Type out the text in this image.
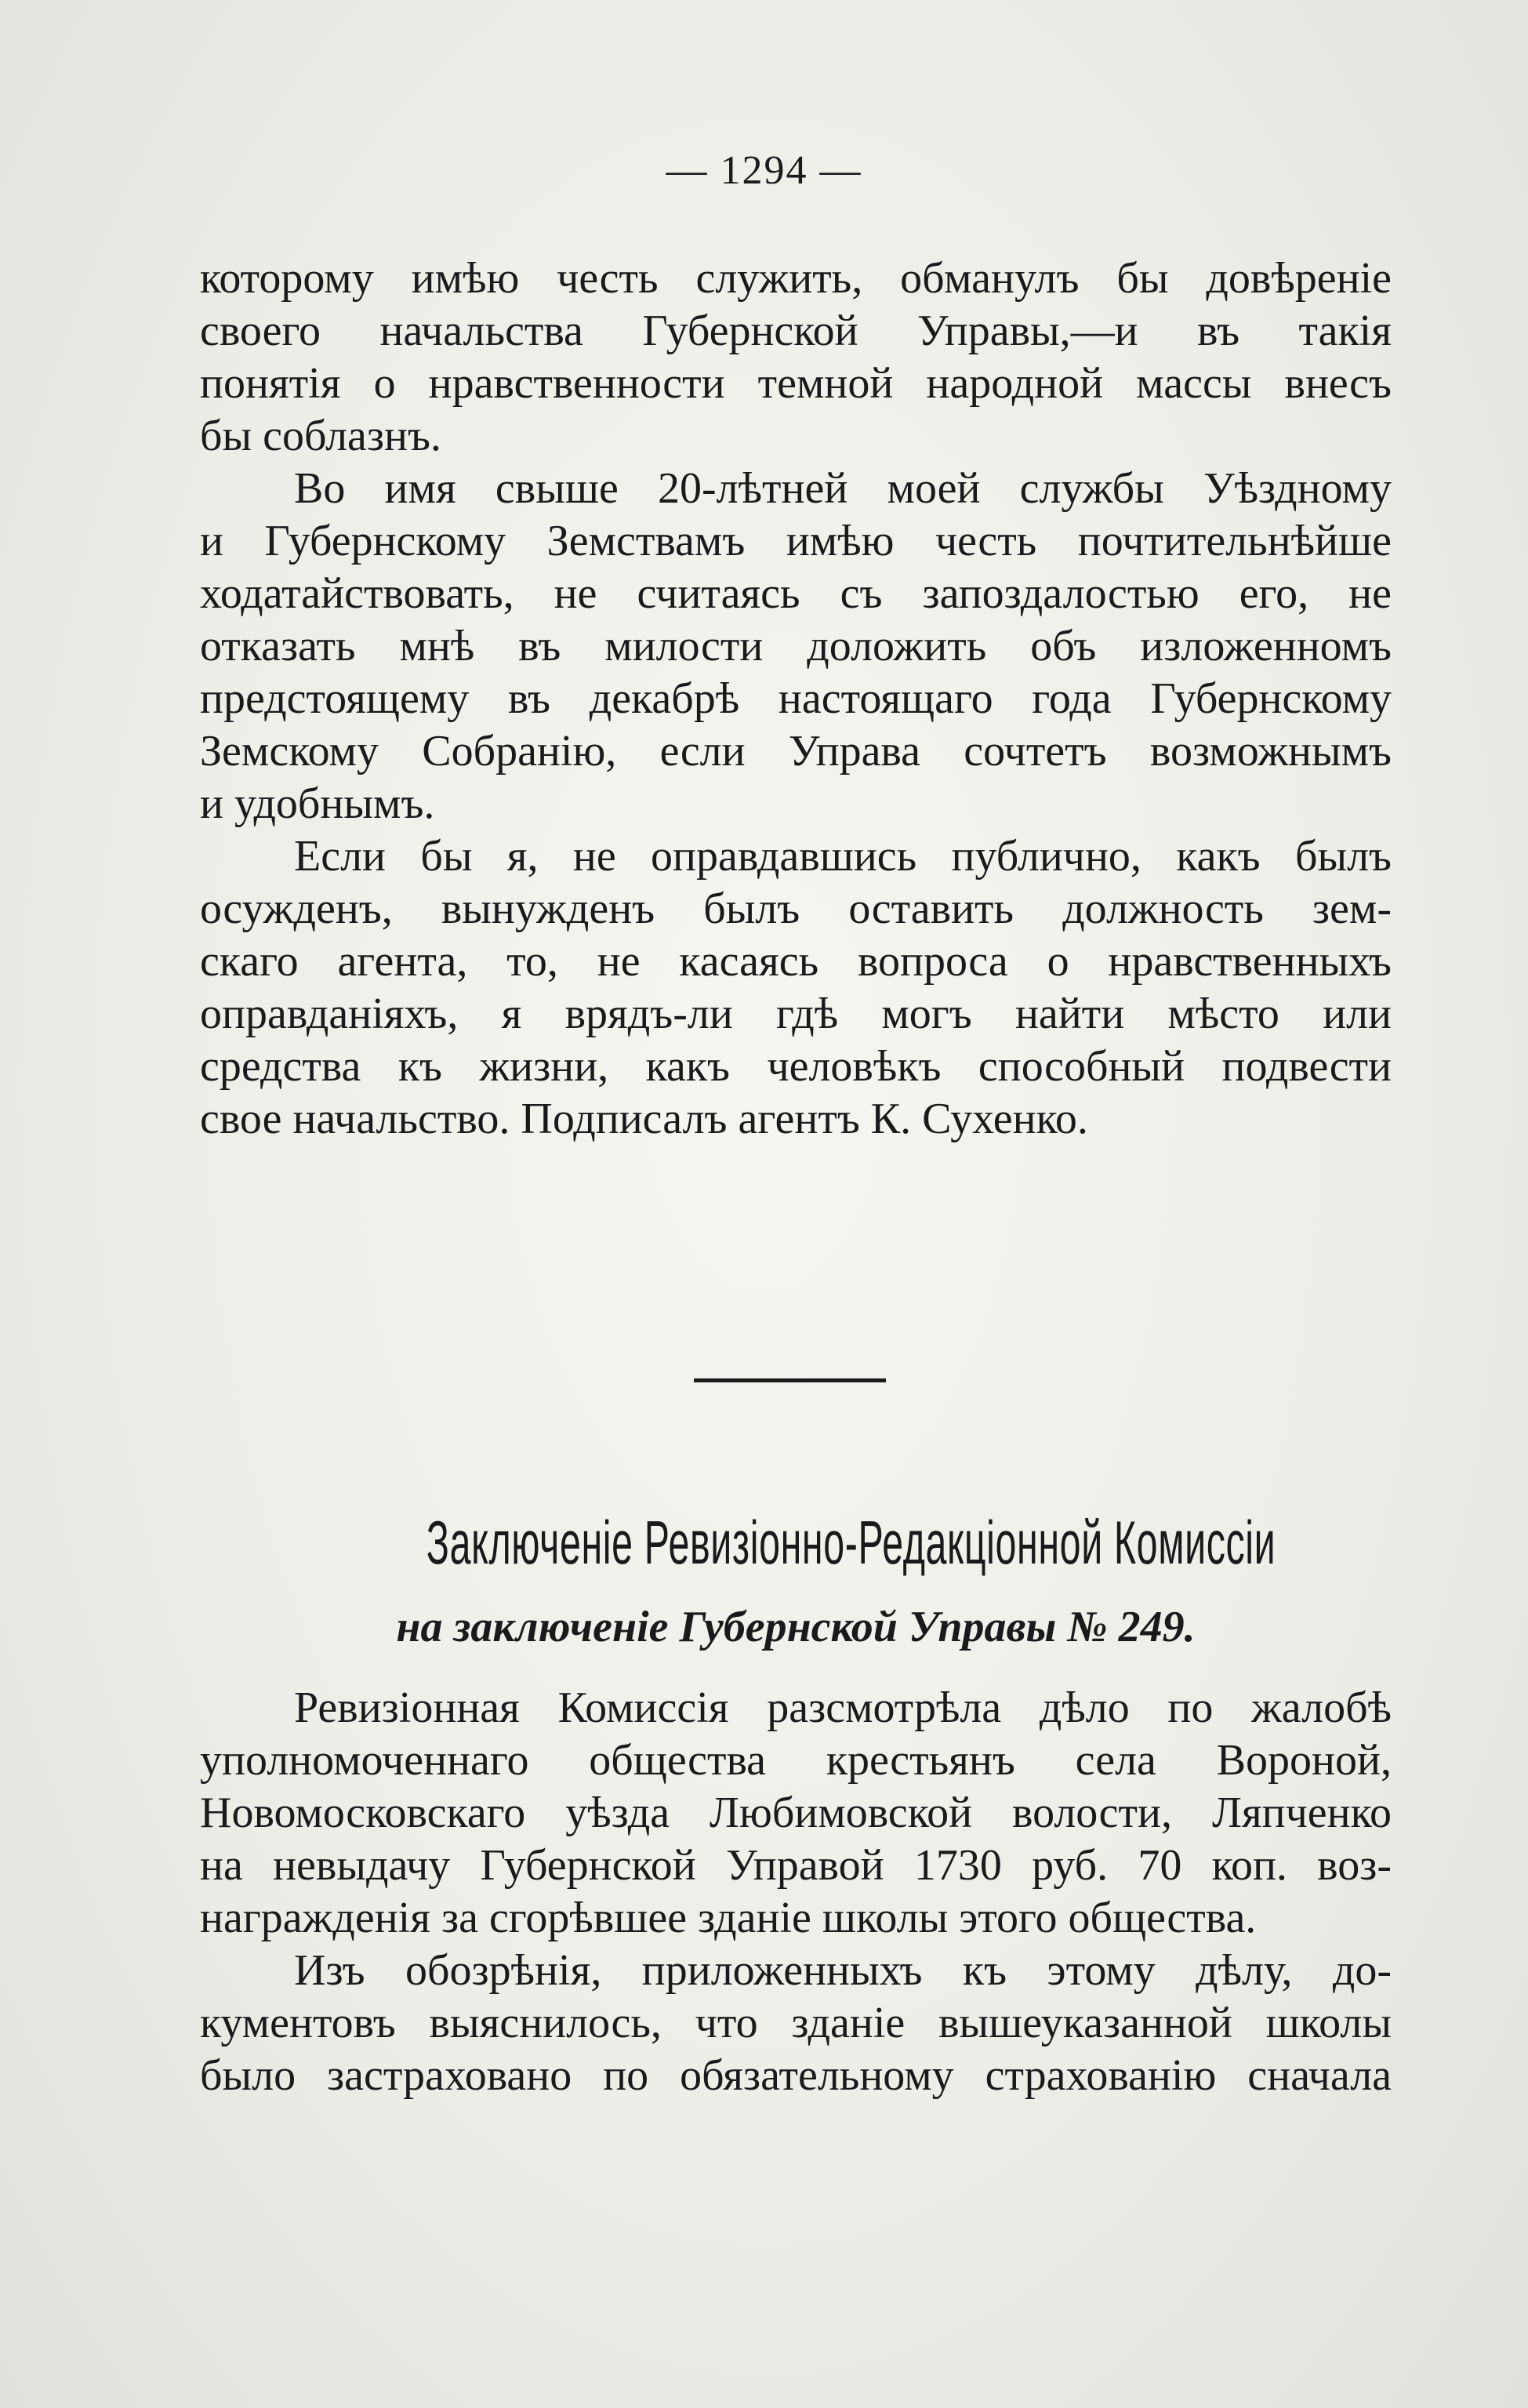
— 1294 —
которому имѣю честь служить, обманулъ бы довѣреніе
своего начальства Губернской Управы,—и въ такія
понятія о нравственности темной народной массы внесъ
бы соблазнъ.
Во имя свыше 20-лѣтней моей службы Уѣздному
и Губернскому Земствамъ имѣю честь почтительнѣйше
ходатайствовать, не считаясь съ запоздалостью его, не
отказать мнѣ въ милости доложить объ изложенномъ
предстоящему въ декабрѣ настоящаго года Губернскому
Земскому Собранію, если Управа сочтетъ возможнымъ
и удобнымъ.
Если бы я, не оправдавшись публично, какъ былъ
осужденъ, вынужденъ былъ оставить должность зем-
скаго агента, то, не касаясь вопроса о нравственныхъ
оправданіяхъ, я врядъ-ли гдѣ могъ найти мѣсто или
средства къ жизни, какъ человѣкъ способный подвести
свое начальство. Подписалъ агентъ К. Сухенко.
Заключеніе Ревизіонно-Редакціонной Комиссіи
на заключеніе Губернской Управы № 249.
Ревизіонная Комиссія разсмотрѣла дѣло по жалобѣ
уполномоченнаго общества крестьянъ села Вороной,
Новомосковскаго уѣзда Любимовской волости, Ляпченко
на невыдачу Губернской Управой 1730 руб. 70 коп. воз-
награжденія за сгорѣвшее зданіе школы этого общества.
Изъ обозрѣнія, приложенныхъ къ этому дѣлу, до-
кументовъ выяснилось, что зданіе вышеуказанной школы
было застраховано по обязательному страхованію сначала
